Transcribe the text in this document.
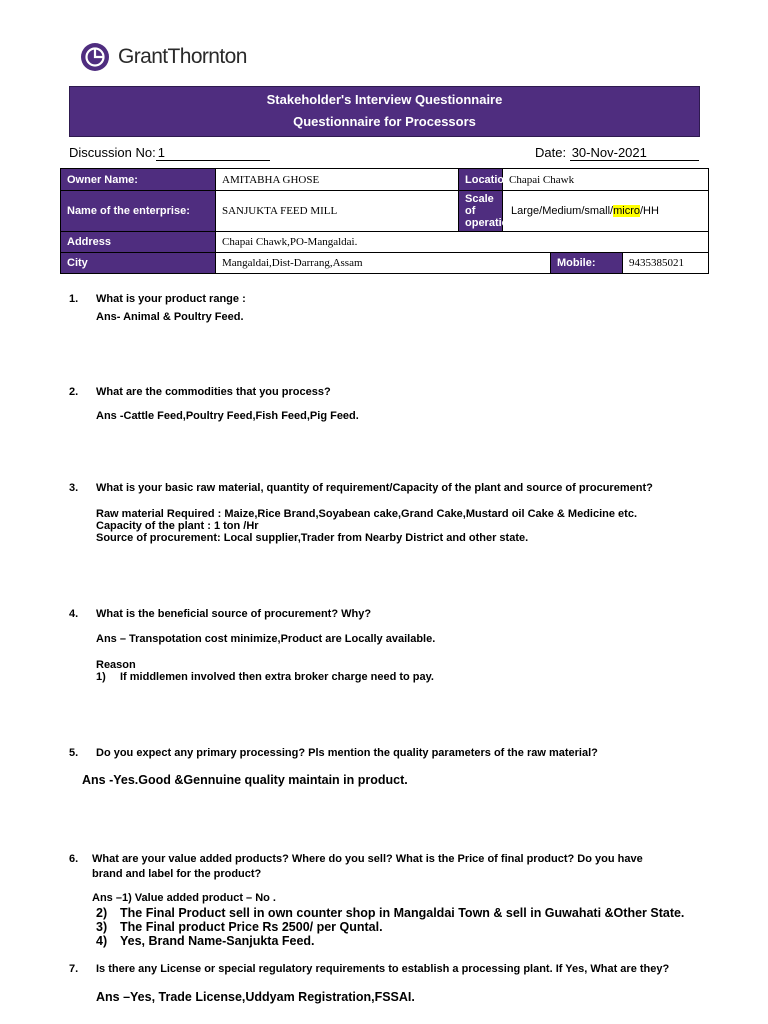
GrantThornton
Stakeholder's Interview Questionnaire
Questionnaire for Processors
Discussion No: 1	Date: 30-Nov-2021
Owner Name:	AMITABHA GHOSE	Location:	Chapai Chawk		
Name of the enterprise:	SANJUKTA FEED MILL	Scale of operation	Large/Medium/small/micro/HH		
Address	Chapai Chawk,PO-Mangaldai.				
City	Mangaldai,Dist-Darrang,Assam			Mobile:	9435385021
1. What is your product range :
Ans- Animal & Poultry Feed.
2. What are the commodities that you process?
Ans -Cattle Feed,Poultry Feed,Fish Feed,Pig Feed.
3. What is your basic raw material, quantity of requirement/Capacity of the plant and source of procurement?
Raw material Required : Maize,Rice Brand,Soyabean cake,Grand Cake,Mustard oil Cake & Medicine etc.
Capacity of the plant : 1 ton /Hr
Source of procurement: Local supplier,Trader from Nearby District and other state.
4. What is the beneficial source of procurement? Why?
Ans – Transpotation cost minimize,Product are Locally available.
Reason
1) If middlemen involved then extra broker charge need to pay.
5. Do you expect any primary processing? Pls mention the quality parameters of the raw material?
Ans -Yes.Good &Gennuine quality maintain in product.
6. What are your value added products? Where do you sell? What is the Price of final product? Do you have
brand and label for the product?
Ans –1) Value added product – No .
2) The Final Product sell in own counter shop in Mangaldai Town & sell in Guwahati &Other State.
3) The Final product Price Rs 2500/ per Quntal.
4) Yes, Brand Name-Sanjukta Feed.
7. Is there any License or special regulatory requirements to establish a processing plant. If Yes, What are they?
Ans –Yes, Trade License,Uddyam Registration,FSSAI.
